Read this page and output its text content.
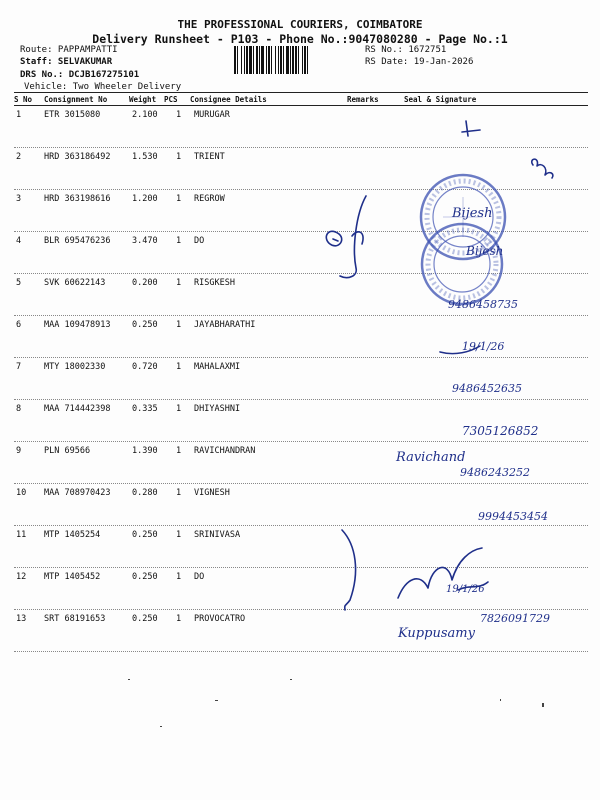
THE PROFESSIONAL COURIERS, COIMBATORE
Delivery Runsheet - P103 - Phone No.:9047080280 - Page No.:1
Route: PAPPAMPATTI
Staff: SELVAKUMAR
DRS No.: DCJB167275101
Vehicle: Two Wheeler Delivery
RS No.: 1672751
RS Date: 19-Jan-2026
S No Consignment No	Weight PCS Consignee Details	Remarks	Seal & Signature
1	ETR 3015080	2.100 1 MURUGAR
2	HRD 363186492	1.530 1 TRIENT
3	HRD 363198616	1.200 1 REGROW
4	BLR 695476236	3.470 1 DO
5	SVK 60622143	0.200 1 RISGKESH
6	MAA 109478913	0.250 1 JAYABHARATHI
7	MTY 18002330	0.720 1 MAHALAXMI
8	MAA 714442398	0.335 1 DHIYASHNI
9	PLN 69566	1.390 1 RAVICHANDRAN
10 MAA 708970423	0.280 1 VIGNESH
11 MTP 1405254	0.250 1 SRINIVASA
12 MTP 1405452	0.250 1 DO
13 SRT 68191653	0.250 1 PROVOCATRO
Bijesh
Bijesh
9486458735
19/1/26
9486452635
7305126852
Ravichand
9486243252
9994453454
19/1/26
7826091729
Kuppusamy
